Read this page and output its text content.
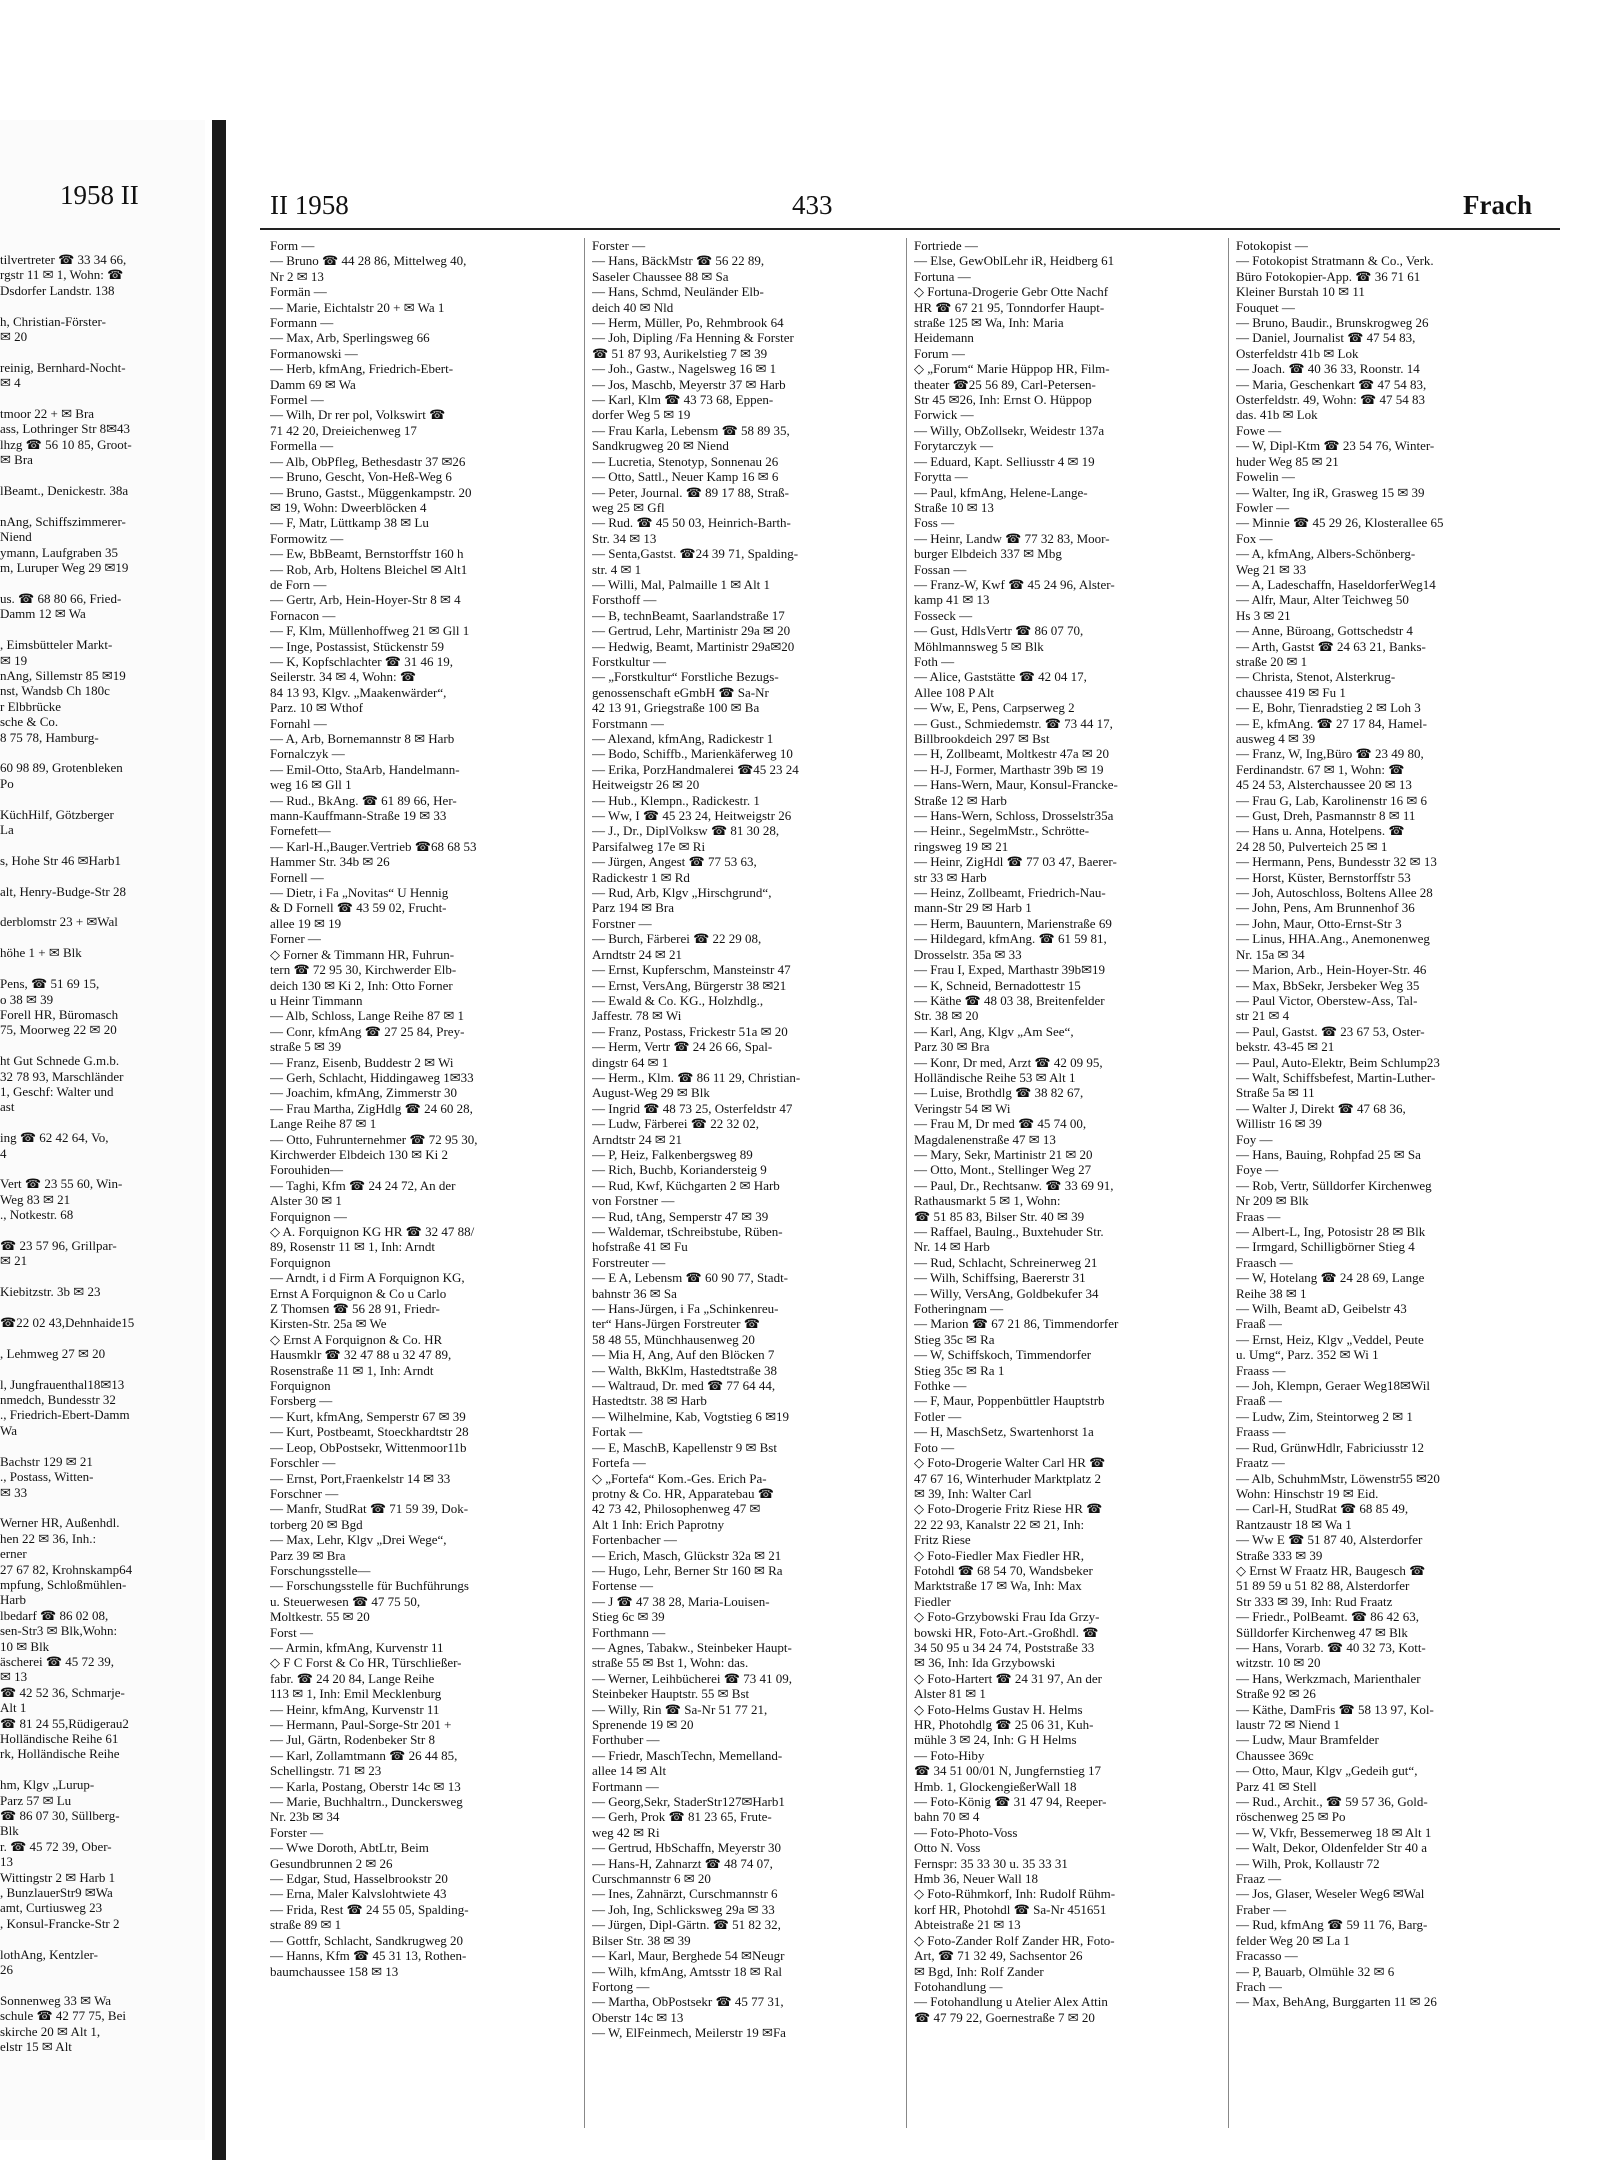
1958 II

tilvertreter ☎ 33 34 66,

rgstr 11 ✉ 1, Wohn: ☎

Dsdorfer Landstr. 138

h, Christian-Förster-

✉ 20

reinig, Bernhard-Nocht-

✉ 4

tmoor 22 + ✉ Bra

ass, Lothringer Str 8✉43

lhzg ☎ 56 10 85, Groot-

✉ Bra

lBeamt., Denickestr. 38a

nAng, Schiffszimmerer-

Niend

ymann, Laufgraben 35

m, Luruper Weg 29 ✉19

us. ☎ 68 80 66, Fried-

Damm 12 ✉ Wa

, Eimsbütteler Markt-

✉ 19

nAng, Sillemstr 85 ✉19

nst, Wandsb Ch 180c

r Elbbrücke

sche & Co.

8 75 78, Hamburg-

60 98 89, Grotenbleken

Po

KüchHilf, Götzberger

La

s, Hohe Str 46 ✉Harb1

alt, Henry-Budge-Str 28

derblomstr 23 + ✉Wal

höhe 1 + ✉ Blk

Pens, ☎ 51 69 15,

o 38 ✉ 39

Forell HR, Büromasch

75, Moorweg 22 ✉ 20

ht Gut Schnede G.m.b.

32 78 93, Marschländer

1, Geschf: Walter und

ast

ing ☎ 62 42 64, Vo,

4

Vert ☎ 23 55 60, Win-

Weg 83 ✉ 21

., Notkestr. 68

☎ 23 57 96, Grillpar-

✉ 21

Kiebitzstr. 3b ✉ 23

☎22 02 43,Dehnhaide15

, Lehmweg 27 ✉ 20

l, Jungfrauenthal18✉13

nmedch, Bundesstr 32

., Friedrich-Ebert-Damm

Wa

Bachstr 129 ✉ 21

., Postass, Witten-

✉ 33

Werner HR, Außenhdl.

hen 22 ✉ 36, Inh.:

erner

27 67 82, Krohnskamp64

mpfung, Schloßmühlen-

Harb

lbedarf ☎ 86 02 08,

sen-Str3 ✉ Blk,Wohn:

10 ✉ Blk

äscherei ☎ 45 72 39,

✉ 13

☎ 42 52 36, Schmarje-

Alt 1

☎ 81 24 55,Rüdigerau2

Holländische Reihe 61

rk, Holländische Reihe

hm, Klgv „Lurup-

Parz 57 ✉ Lu

☎ 86 07 30, Süllberg-

Blk

r. ☎ 45 72 39, Ober-

13

Wittingstr 2 ✉ Harb 1

, BunzlauerStr9 ✉Wa

amt, Curtiusweg 23

, Konsul-Francke-Str 2

lothAng, Kentzler-

26

Sonnenweg 33 ✉ Wa

schule ☎ 42 77 75, Bei

skirche 20 ✉ Alt 1,

elstr 15 ✉ Alt

II 1958	433	Frach

Form —

— Bruno ☎ 44 28 86, Mittelweg 40,

Nr 2 ✉ 13

Formän —

— Marie, Eichtalstr 20 + ✉ Wa 1

Formann —

— Max, Arb, Sperlingsweg 66

Formanowski —

— Herb, kfmAng, Friedrich-Ebert-

Damm 69 ✉ Wa

Formel —

— Wilh, Dr rer pol, Volkswirt ☎

71 42 20, Dreieichenweg 17

Formella —

— Alb, ObPfleg, Bethesdastr 37 ✉26

— Bruno, Gescht, Von-Heß-Weg 6

— Bruno, Gastst., Müggenkampstr. 20

✉ 19, Wohn: Dweerblöcken 4

— F, Matr, Lüttkamp 38 ✉ Lu

Formowitz —

— Ew, BbBeamt, Bernstorffstr 160 h

— Rob, Arb, Holtens Bleichel ✉ Alt1

de Forn —

— Gertr, Arb, Hein-Hoyer-Str 8 ✉ 4

Fornacon —

— F, Klm, Müllenhoffweg 21 ✉ Gll 1

— Inge, Postassist, Stückenstr 59

— K, Kopfschlachter ☎ 31 46 19,

Seilerstr. 34 ✉ 4, Wohn: ☎

84 13 93, Klgv. „Maakenwärder“,

Parz. 10 ✉ Wthof

Fornahl —

— A, Arb, Bornemannstr 8 ✉ Harb

Fornalczyk —

— Emil-Otto, StaArb, Handelmann-

weg 16 ✉ Gll 1

— Rud., BkAng. ☎ 61 89 66, Her-

mann-Kauffmann-Straße 19 ✉ 33

Fornefett—

— Karl-H.,Bauger.Vertrieb ☎68 68 53

Hammer Str. 34b ✉ 26

Fornell —

— Dietr, i Fa „Novitas“ U Hennig

& D Fornell ☎ 43 59 02, Frucht-

allee 19 ✉ 19

Forner —

◇ Forner & Timmann HR, Fuhrun-

tern ☎ 72 95 30, Kirchwerder Elb-

deich 130 ✉ Ki 2, Inh: Otto Forner

u Heinr Timmann

— Alb, Schloss, Lange Reihe 87 ✉ 1

— Conr, kfmAng ☎ 27 25 84, Prey-

straße 5 ✉ 39

— Franz, Eisenb, Buddestr 2 ✉ Wi

— Gerh, Schlacht, Hiddingaweg 1✉33

— Joachim, kfmAng, Zimmerstr 30

— Frau Martha, ZigHdlg ☎ 24 60 28,

Lange Reihe 87 ✉ 1

— Otto, Fuhrunternehmer ☎ 72 95 30,

Kirchwerder Elbdeich 130 ✉ Ki 2

Forouhiden—

— Taghi, Kfm ☎ 24 24 72, An der

Alster 30 ✉ 1

Forquignon —

◇ A. Forquignon KG HR ☎ 32 47 88/

89, Rosenstr 11 ✉ 1, Inh: Arndt

Forquignon

— Arndt, i d Firm A Forquignon KG,

Ernst A Forquignon & Co u Carlo

Z Thomsen ☎ 56 28 91, Friedr-

Kirsten-Str. 25a ✉ We

◇ Ernst A Forquignon & Co. HR

Hausmklr ☎ 32 47 88 u 32 47 89,

Rosenstraße 11 ✉ 1, Inh: Arndt

Forquignon

Forsberg —

— Kurt, kfmAng, Semperstr 67 ✉ 39

— Kurt, Postbeamt, Stoeckhardtstr 28

— Leop, ObPostsekr, Wittenmoor11b

Forschler —

— Ernst, Port,Fraenkelstr 14 ✉ 33

Forschner —

— Manfr, StudRat ☎ 71 59 39, Dok-

torberg 20 ✉ Bgd

— Max, Lehr, Klgv „Drei Wege“,

Parz 39 ✉ Bra

Forschungsstelle—

— Forschungsstelle für Buchführungs

u. Steuerwesen ☎ 47 75 50,

Moltkestr. 55 ✉ 20

Forst —

— Armin, kfmAng, Kurvenstr 11

◇ F C Forst & Co HR, Türschließer-

fabr. ☎ 24 20 84, Lange Reihe

113 ✉ 1, Inh: Emil Mecklenburg

— Heinr, kfmAng, Kurvenstr 11

— Hermann, Paul-Sorge-Str 201 +

— Jul, Gärtn, Rodenbeker Str 8

— Karl, Zollamtmann ☎ 26 44 85,

Schellingstr. 71 ✉ 23

— Karla, Postang, Oberstr 14c ✉ 13

— Marie, Buchhaltrn., Dunckersweg

Nr. 23b ✉ 34

Forster —

— Wwe Doroth, AbtLtr, Beim

Gesundbrunnen 2 ✉ 26

— Edgar, Stud, Hasselbrookstr 20

— Erna, Maler Kalvslohtwiete 43

— Frida, Rest ☎ 24 55 05, Spalding-

straße 89 ✉ 1

— Gottfr, Schlacht, Sandkrugweg 20

— Hanns, Kfm ☎ 45 31 13, Rothen-

baumchaussee 158 ✉ 13

Forster —

— Hans, BäckMstr ☎ 56 22 89,

Saseler Chaussee 88 ✉ Sa

— Hans, Schmd, Neuländer Elb-

deich 40 ✉ Nld

— Herm, Müller, Po, Rehmbrook 64

— Joh, Dipling /Fa Henning & Forster

☎ 51 87 93, Aurikelstieg 7 ✉ 39

— Joh., Gastw., Nagelsweg 16 ✉ 1

— Jos, Maschb, Meyerstr 37 ✉ Harb

— Karl, Klm ☎ 43 73 68, Eppen-

dorfer Weg 5 ✉ 19

— Frau Karla, Lebensm ☎ 58 89 35,

Sandkrugweg 20 ✉ Niend

— Lucretia, Stenotyp, Sonnenau 26

— Otto, Sattl., Neuer Kamp 16 ✉ 6

— Peter, Journal. ☎ 89 17 88, Straß-

weg 25 ✉ Gfl

— Rud. ☎ 45 50 03, Heinrich-Barth-

Str. 34 ✉ 13

— Senta,Gastst. ☎24 39 71, Spalding-

str. 4 ✉ 1

— Willi, Mal, Palmaille 1 ✉ Alt 1

Forsthoff —

— B, technBeamt, Saarlandstraße 17

— Gertrud, Lehr, Martinistr 29a ✉ 20

— Hedwig, Beamt, Martinistr 29a✉20

Forstkultur —

— „Forstkultur“ Forstliche Bezugs-

genossenschaft eGmbH ☎ Sa-Nr

42 13 91, Griegstraße 100 ✉ Ba

Forstmann —

— Alexand, kfmAng, Radickestr 1

— Bodo, Schiffb., Marienkäferweg 10

— Erika, PorzHandmalerei ☎45 23 24

Heitweigstr 26 ✉ 20

— Hub., Klempn., Radickestr. 1

— Ww, I ☎ 45 23 24, Heitweigstr 26

— J., Dr., DiplVolksw ☎ 81 30 28,

Parsifalweg 17e ✉ Ri

— Jürgen, Angest ☎ 77 53 63,

Radickestr 1 ✉ Rd

— Rud, Arb, Klgv „Hirschgrund“,

Parz 194 ✉ Bra

Forstner —

— Burch, Färberei ☎ 22 29 08,

Arndtstr 24 ✉ 21

— Ernst, Kupferschm, Mansteinstr 47

— Ernst, VersAng, Bürgerstr 38 ✉21

— Ewald & Co. KG., Holzhdlg.,

Jaffestr. 78 ✉ Wi

— Franz, Postass, Frickestr 51a ✉ 20

— Herm, Vertr ☎ 24 26 66, Spal-

dingstr 64 ✉ 1

— Herm., Klm. ☎ 86 11 29, Christian-

August-Weg 29 ✉ Blk

— Ingrid ☎ 48 73 25, Osterfeldstr 47

— Ludw, Färberei ☎ 22 32 02,

Arndtstr 24 ✉ 21

— P, Heiz, Falkenbergsweg 89

— Rich, Buchb, Koriandersteig 9

— Rud, Kwf, Küchgarten 2 ✉ Harb

von Forstner —

— Rud, tAng, Semperstr 47 ✉ 39

— Waldemar, tSchreibstube, Rüben-

hofstraße 41 ✉ Fu

Forstreuter —

— E A, Lebensm ☎ 60 90 77, Stadt-

bahnstr 36 ✉ Sa

— Hans-Jürgen, i Fa „Schinkenreu-

ter“ Hans-Jürgen Forstreuter ☎

58 48 55, Münchhausenweg 20

— Mia H, Ang, Auf den Blöcken 7

— Walth, BkKlm, Hastedtstraße 38

— Waltraud, Dr. med ☎ 77 64 44,

Hastedtstr. 38 ✉ Harb

— Wilhelmine, Kab, Vogtstieg 6 ✉19

Fortak —

— E, MaschB, Kapellenstr 9 ✉ Bst

Fortefa —

◇ „Fortefa“ Kom.-Ges. Erich Pa-

protny & Co. HR, Apparatebau ☎

42 73 42, Philosophenweg 47 ✉

Alt 1 Inh: Erich Paprotny

Fortenbacher —

— Erich, Masch, Glückstr 32a ✉ 21

— Hugo, Lehr, Berner Str 160 ✉ Ra

Fortense —

— J ☎ 47 38 28, Maria-Louisen-

Stieg 6c ✉ 39

Forthmann —

— Agnes, Tabakw., Steinbeker Haupt-

straße 55 ✉ Bst 1, Wohn: das.

— Werner, Leihbücherei ☎ 73 41 09,

Steinbeker Hauptstr. 55 ✉ Bst

— Willy, Rin ☎ Sa-Nr 51 77 21,

Sprenende 19 ✉ 20

Forthuber —

— Friedr, MaschTechn, Memelland-

allee 14 ✉ Alt

Fortmann —

— Georg,Sekr, StaderStr127✉Harb1

— Gerh, Prok ☎ 81 23 65, Frute-

weg 42 ✉ Ri

— Gertrud, HbSchaffn, Meyerstr 30

— Hans-H, Zahnarzt ☎ 48 74 07,

Curschmannstr 6 ✉ 20

— Ines, Zahnärzt, Curschmannstr 6

— Joh, Ing, Schlicksweg 29a ✉ 33

— Jürgen, Dipl-Gärtn. ☎ 51 82 32,

Bilser Str. 38 ✉ 39

— Karl, Maur, Berghede 54 ✉Neugr

— Wilh, kfmAng, Amtsstr 18 ✉ Ral

Fortong —

— Martha, ObPostsekr ☎ 45 77 31,

Oberstr 14c ✉ 13

— W, ElFeinmech, Meilerstr 19 ✉Fa

Fortriede —

— Else, GewOblLehr iR, Heidberg 61

Fortuna —

◇ Fortuna-Drogerie Gebr Otte Nachf

HR ☎ 67 21 95, Tonndorfer Haupt-

straße 125 ✉ Wa, Inh: Maria

Heidemann

Forum —

◇ „Forum“ Marie Hüppop HR, Film-

theater ☎25 56 89, Carl-Petersen-

Str 45 ✉26, Inh: Ernst O. Hüppop

Forwick —

— Willy, ObZollsekr, Weidestr 137a

Forytarczyk —

— Eduard, Kapt. Selliusstr 4 ✉ 19

Forytta —

— Paul, kfmAng, Helene-Lange-

Straße 10 ✉ 13

Foss —

— Heinr, Landw ☎ 77 32 83, Moor-

burger Elbdeich 337 ✉ Mbg

Fossan —

— Franz-W, Kwf ☎ 45 24 96, Alster-

kamp 41 ✉ 13

Fosseck —

— Gust, HdlsVertr ☎ 86 07 70,

Möhlmannsweg 5 ✉ Blk

Foth —

— Alice, Gaststätte ☎ 42 04 17,

Allee 108 P Alt

— Ww, E, Pens, Carpserweg 2

— Gust., Schmiedemstr. ☎ 73 44 17,

Billbrookdeich 297 ✉ Bst

— H, Zollbeamt, Moltkestr 47a ✉ 20

— H-J, Former, Marthastr 39b ✉ 19

— Hans-Wern, Maur, Konsul-Francke-

Straße 12 ✉ Harb

— Hans-Wern, Schloss, Drosselstr35a

— Heinr., SegelmMstr., Schrötte-

ringsweg 19 ✉ 21

— Heinr, ZigHdl ☎ 77 03 47, Baerer-

str 33 ✉ Harb

— Heinz, Zollbeamt, Friedrich-Nau-

mann-Str 29 ✉ Harb 1

— Herm, Bauuntern, Marienstraße 69

— Hildegard, kfmAng. ☎ 61 59 81,

Drosselstr. 35a ✉ 33

— Frau I, Exped, Marthastr 39b✉19

— K, Schneid, Bernadottestr 15

— Käthe ☎ 48 03 38, Breitenfelder

Str. 38 ✉ 20

— Karl, Ang, Klgv „Am See“,

Parz 30 ✉ Bra

— Konr, Dr med, Arzt ☎ 42 09 95,

Holländische Reihe 53 ✉ Alt 1

— Luise, Brothdlg ☎ 38 82 67,

Veringstr 54 ✉ Wi

— Frau M, Dr med ☎ 45 74 00,

Magdalenenstraße 47 ✉ 13

— Mary, Sekr, Martinistr 21 ✉ 20

— Otto, Mont., Stellinger Weg 27

— Paul, Dr., Rechtsanw. ☎ 33 69 91,

Rathausmarkt 5 ✉ 1, Wohn:

☎ 51 85 83, Bilser Str. 40 ✉ 39

— Raffael, Baulng., Buxtehuder Str.

Nr. 14 ✉ Harb

— Rud, Schlacht, Schreinerweg 21

— Wilh, Schiffsing, Baererstr 31

— Willy, VersAng, Goldbekufer 34

Fotheringnam —

— Marion ☎ 67 21 86, Timmendorfer

Stieg 35c ✉ Ra

— W, Schiffskoch, Timmendorfer

Stieg 35c ✉ Ra 1

Fothke —

— F, Maur, Poppenbüttler Hauptstrb

Fotler —

— H, MaschSetz, Swartenhorst 1a

Foto —

◇ Foto-Drogerie Walter Carl HR ☎

47 67 16, Winterhuder Marktplatz 2

✉ 39, Inh: Walter Carl

◇ Foto-Drogerie Fritz Riese HR ☎

22 22 93, Kanalstr 22 ✉ 21, Inh:

Fritz Riese

◇ Foto-Fiedler Max Fiedler HR,

Fotohdl ☎ 68 54 70, Wandsbeker

Marktstraße 17 ✉ Wa, Inh: Max

Fiedler

◇ Foto-Grzybowski Frau Ida Grzy-

bowski HR, Foto-Art.-Großhdl. ☎

34 50 95 u 34 24 74, Poststraße 33

✉ 36, Inh: Ida Grzybowski

◇ Foto-Hartert ☎ 24 31 97, An der

Alster 81 ✉ 1

◇ Foto-Helms Gustav H. Helms

HR, Photohdlg ☎ 25 06 31, Kuh-

mühle 3 ✉ 24, Inh: G H Helms

— Foto-Hiby

☎ 34 51 00/01 N, Jungfernstieg 17

Hmb. 1, GlockengießerWall 18

— Foto-König ☎ 31 47 94, Reeper-

bahn 70 ✉ 4

— Foto-Photo-Voss

Otto N. Voss

Fernspr: 35 33 30 u. 35 33 31

Hmb 36, Neuer Wall 18

◇ Foto-Rühmkorf, Inh: Rudolf Rühm-

korf HR, Photohdl ☎ Sa-Nr 451651

Abteistraße 21 ✉ 13

◇ Foto-Zander Rolf Zander HR, Foto-

Art, ☎ 71 32 49, Sachsentor 26

✉ Bgd, Inh: Rolf Zander

Fotohandlung —

— Fotohandlung u Atelier Alex Attin

☎ 47 79 22, Goernestraße 7 ✉ 20

Fotokopist —

— Fotokopist Stratmann & Co., Verk.

Büro Fotokopier-App. ☎ 36 71 61

Kleiner Burstah 10 ✉ 11

Fouquet —

— Bruno, Baudir., Brunskrogweg 26

— Daniel, Journalist ☎ 47 54 83,

Osterfeldstr 41b ✉ Lok

— Joach. ☎ 40 36 33, Roonstr. 14

— Maria, Geschenkart ☎ 47 54 83,

Osterfeldstr. 49, Wohn: ☎ 47 54 83

das. 41b ✉ Lok

Fowe —

— W, Dipl-Ktm ☎ 23 54 76, Winter-

huder Weg 85 ✉ 21

Fowelin —

— Walter, Ing iR, Grasweg 15 ✉ 39

Fowler —

— Minnie ☎ 45 29 26, Klosterallee 65

Fox —

— A, kfmAng, Albers-Schönberg-

Weg 21 ✉ 33

— A, Ladeschaffn, HaseldorferWeg14

— Alfr, Maur, Alter Teichweg 50

Hs 3 ✉ 21

— Anne, Büroang, Gottschedstr 4

— Arth, Gastst ☎ 24 63 21, Banks-

straße 20 ✉ 1

— Christa, Stenot, Alsterkrug-

chaussee 419 ✉ Fu 1

— E, Bohr, Tienradstieg 2 ✉ Loh 3

— E, kfmAng. ☎ 27 17 84, Hamel-

ausweg 4 ✉ 39

— Franz, W, Ing,Büro ☎ 23 49 80,

Ferdinandstr. 67 ✉ 1, Wohn: ☎

45 24 53, Alsterchaussee 20 ✉ 13

— Frau G, Lab, Karolinenstr 16 ✉ 6

— Gust, Dreh, Pasmannstr 8 ✉ 11

— Hans u. Anna, Hotelpens. ☎

24 28 50, Pulverteich 25 ✉ 1

— Hermann, Pens, Bundesstr 32 ✉ 13

— Horst, Küster, Bernstorffstr 53

— Joh, Autoschloss, Boltens Allee 28

— John, Pens, Am Brunnenhof 36

— John, Maur, Otto-Ernst-Str 3

— Linus, HHA.Ang., Anemonenweg

Nr. 15a ✉ 34

— Marion, Arb., Hein-Hoyer-Str. 46

— Max, BbSekr, Jersbeker Weg 35

— Paul Victor, Oberstew-Ass, Tal-

str 21 ✉ 4

— Paul, Gastst. ☎ 23 67 53, Oster-

bekstr. 43-45 ✉ 21

— Paul, Auto-Elektr, Beim Schlump23

— Walt, Schiffsbefest, Martin-Luther-

Straße 5a ✉ 11

— Walter J, Direkt ☎ 47 68 36,

Willistr 16 ✉ 39

Foy —

— Hans, Bauing, Rohpfad 25 ✉ Sa

Foye —

— Rob, Vertr, Sülldorfer Kirchenweg

Nr 209 ✉ Blk

Fraas —

— Albert-L, Ing, Potosistr 28 ✉ Blk

— Irmgard, Schilligbörner Stieg 4

Fraasch —

— W, Hotelang ☎ 24 28 69, Lange

Reihe 38 ✉ 1

— Wilh, Beamt aD, Geibelstr 43

Fraaß —

— Ernst, Heiz, Klgv „Veddel, Peute

u. Umg“, Parz. 352 ✉ Wi 1

Fraass —

— Joh, Klempn, Geraer Weg18✉Wil

Fraaß —

— Ludw, Zim, Steintorweg 2 ✉ 1

Fraass —

— Rud, GrünwHdlr, Fabriciusstr 12

Fraatz —

— Alb, SchuhmMstr, Löwenstr55 ✉20

Wohn: Hinschstr 19 ✉ Eid.

— Carl-H, StudRat ☎ 68 85 49,

Rantzaustr 18 ✉ Wa 1

— Ww E ☎ 51 87 40, Alsterdorfer

Straße 333 ✉ 39

◇ Ernst W Fraatz HR, Baugesch ☎

51 89 59 u 51 82 88, Alsterdorfer

Str 333 ✉ 39, Inh: Rud Fraatz

— Friedr., PolBeamt. ☎ 86 42 63,

Sülldorfer Kirchenweg 47 ✉ Blk

— Hans, Vorarb. ☎ 40 32 73, Kott-

witzstr. 10 ✉ 20

— Hans, Werkzmach, Marienthaler

Straße 92 ✉ 26

— Käthe, DamFris ☎ 58 13 97, Kol-

laustr 72 ✉ Niend 1

— Ludw, Maur Bramfelder

Chaussee 369c

— Otto, Maur, Klgv „Gedeih gut“,

Parz 41 ✉ Stell

— Rud., Archit., ☎ 59 57 36, Gold-

röschenweg 25 ✉ Po

— W, Vkfr, Bessemerweg 18 ✉ Alt 1

— Walt, Dekor, Oldenfelder Str 40 a

— Wilh, Prok, Kollaustr 72

Fraaz —

— Jos, Glaser, Weseler Weg6 ✉Wal

Fraber —

— Rud, kfmAng ☎ 59 11 76, Barg-

felder Weg 20 ✉ La 1

Fracasso —

— P, Bauarb, Olmühle 32 ✉ 6

Frach —

— Max, BehAng, Burggarten 11 ✉ 26
